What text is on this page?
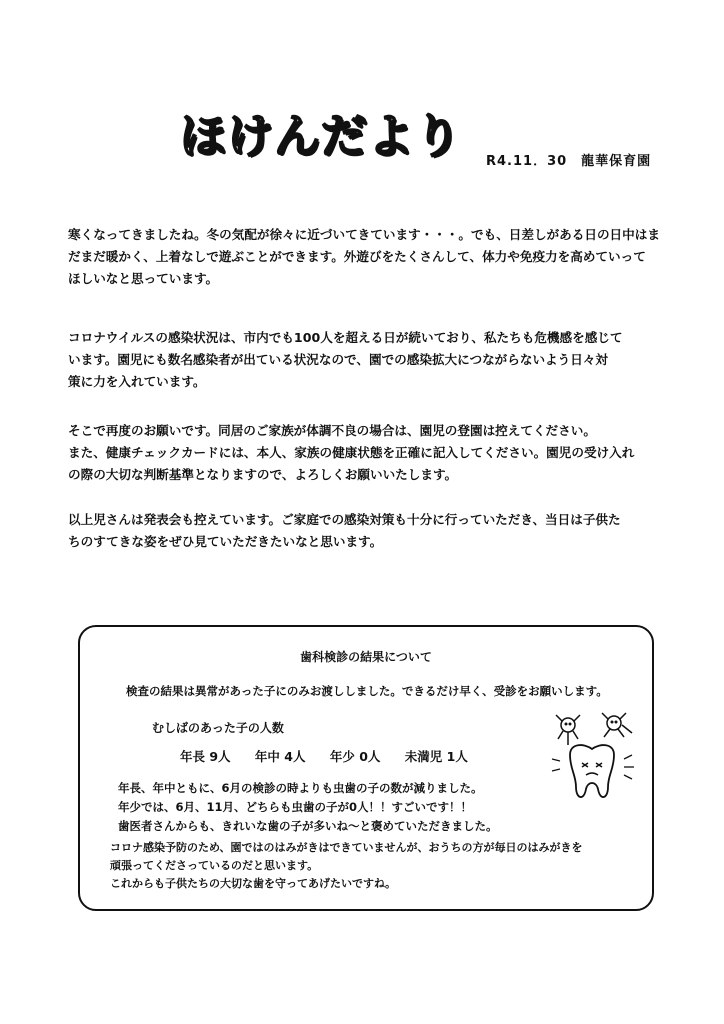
ほけんだより R4.11．30　龍華保育園
寒くなってきましたね。冬の気配が徐々に近づいてきています・・・。でも、日差しがある日の日中はま
だまだ暖かく、上着なしで遊ぶことができます。外遊びをたくさんして、体力や免疫力を高めていって
ほしいなと思っています。
コロナウイルスの感染状況は、市内でも100人を超える日が続いており、私たちも危機感を感じて
います。園児にも数名感染者が出ている状況なので、園での感染拡大につながらないよう日々対
策に力を入れています。
そこで再度のお願いです。同居のご家族が体調不良の場合は、園児の登園は控えてください。
また、健康チェックカードには、本人、家族の健康状態を正確に記入してください。園児の受け入れ
の際の大切な判断基準となりますので、よろしくお願いいたします。
以上児さんは発表会も控えています。ご家庭での感染対策も十分に行っていただき、当日は子供た
ちのすてきな姿をぜひ見ていただきたいなと思います。
歯科検診の結果について
検査の結果は異常があった子にのみお渡ししました。できるだけ早く、受診をお願いします。
むしばのあった子の人数
年長 9人 年中 4人 年少 0人 未満児 1人
年長、年中ともに、6月の検診の時よりも虫歯の子の数が減りました。
年少では、6月、11月、どちらも虫歯の子が0人！！すごいです！！
歯医者さんからも、きれいな歯の子が多いね～と褒めていただきました。
コロナ感染予防のため、園ではのはみがきはできていませんが、おうちの方が毎日のはみがきを
頑張ってくださっているのだと思います。
これからも子供たちの大切な歯を守ってあげたいですね。
